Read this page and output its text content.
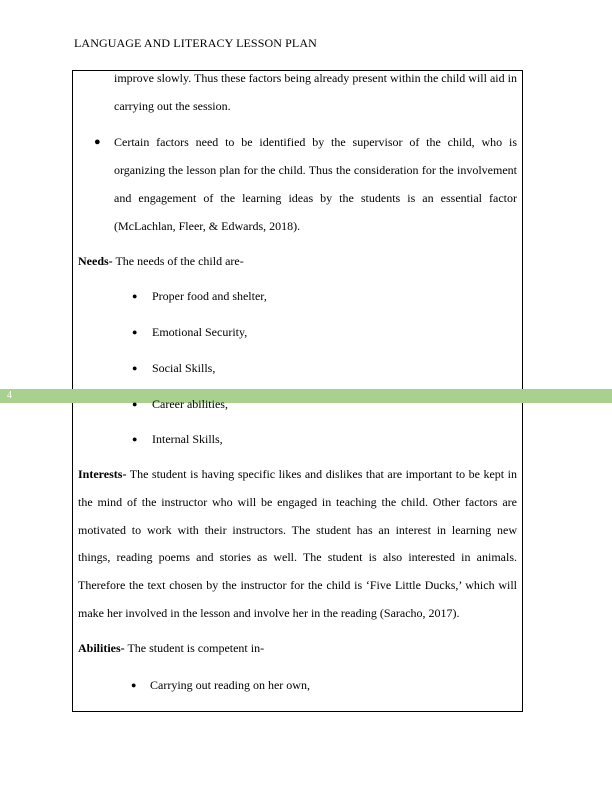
LANGUAGE AND LITERACY LESSON PLAN
improve slowly. Thus these factors being already present within the child will aid in
carrying out the session.
● Certain factors need to be identified by the supervisor of the child, who is
organizing the lesson plan for the child. Thus the consideration for the involvement
and engagement of the learning ideas by the students is an essential factor
(McLachlan, Fleer, & Edwards, 2018).
Needs- The needs of the child are-
● Proper food and shelter,
● Emotional Security,
● Social Skills,
4
● Career abilities,
● Internal Skills,
Interests- The student is having specific likes and dislikes that are important to be kept in
the mind of the instructor who will be engaged in teaching the child. Other factors are
motivated to work with their instructors. The student has an interest in learning new
things, reading poems and stories as well. The student is also interested in animals.
Therefore the text chosen by the instructor for the child is ‘Five Little Ducks,’ which will
make her involved in the lesson and involve her in the reading (Saracho, 2017).
Abilities- The student is competent in-
● Carrying out reading on her own,
